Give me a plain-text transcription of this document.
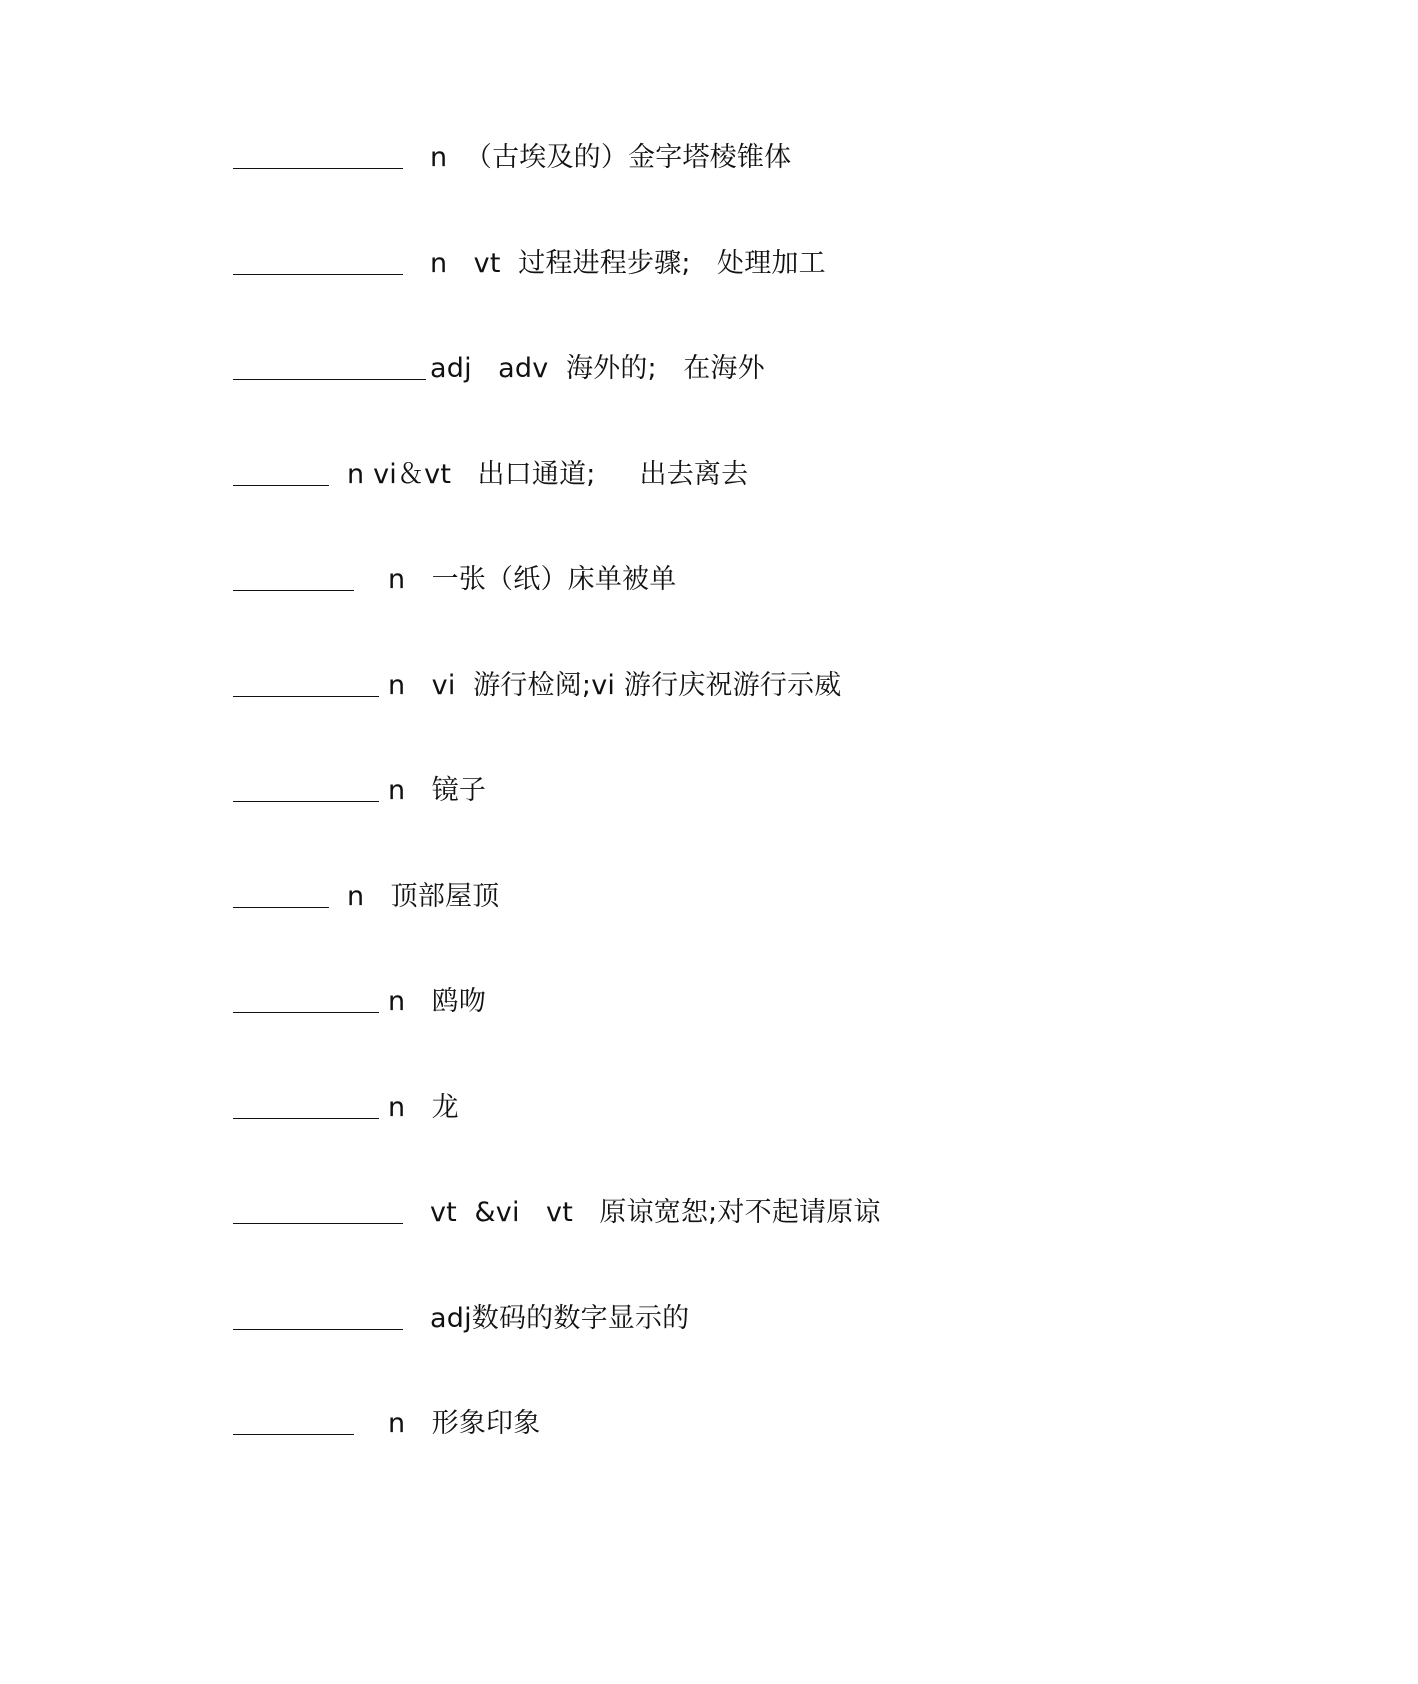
n  （古埃及的）金字塔棱锥体
n   vt  过程进程步骤;   处理加工
adj   adv  海外的;   在海外
n vi＆vt   出口通道;     出去离去
n   一张（纸）床单被单
n   vi  游行检阅;vi 游行庆祝游行示威
n   镜子
n   顶部屋顶
n   鸥吻
n   龙
vt  &vi   vt   原谅宽恕;对不起请原谅
adj数码的数字显示的
n   形象印象
